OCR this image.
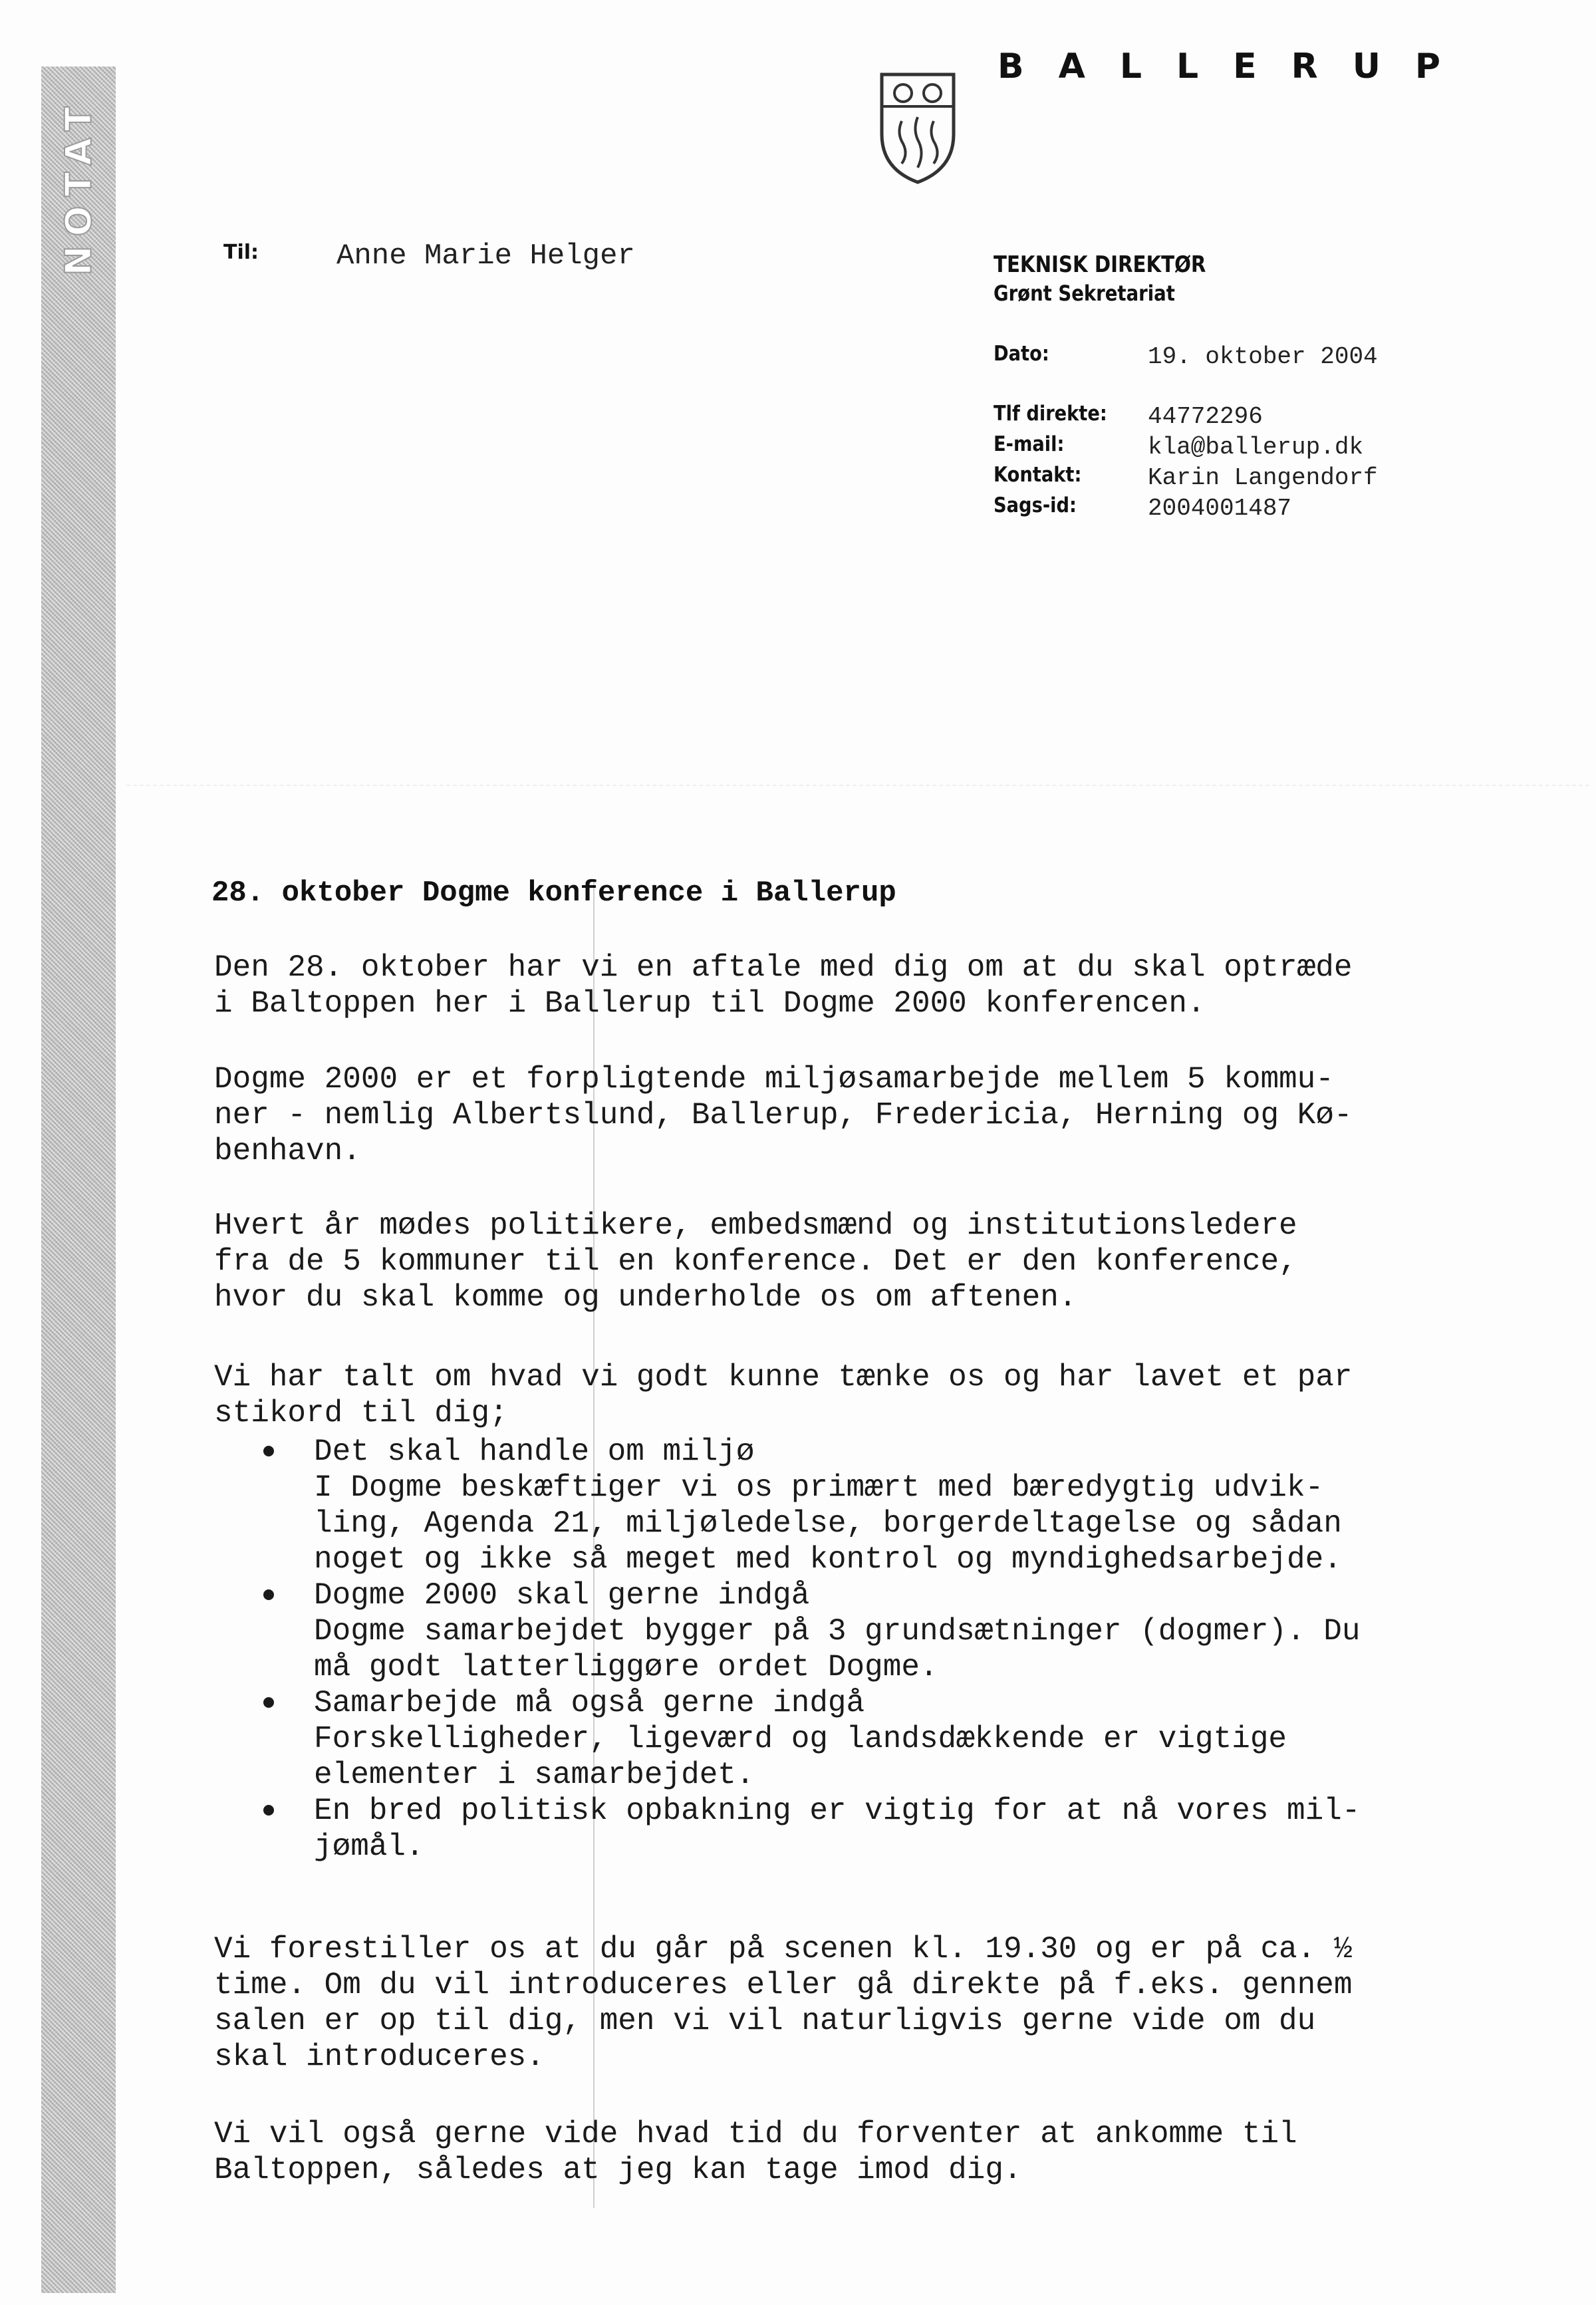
NOTAT
BALLERUP
Til:	Anne Marie Helger	TEKNISK DIREKTØR
Grønt Sekretariat
Dato:	19. oktober 2004
Tlf direkte: 44772296
E-mail:	kla@ballerup.dk
Kontakt:	Karin Langendorf
Sags-id:	2004001487
28. oktober Dogme konference i Ballerup

Den 28. oktober har vi en aftale med dig om at du skal optræde
i Baltoppen her i Ballerup til Dogme 2000 konferencen.

Dogme 2000 er et forpligtende miljøsamarbejde mellem 5 kommu-
ner - nemlig Albertslund, Ballerup, Fredericia, Herning og Kø-
benhavn.

Hvert år mødes politikere, embedsmænd og institutionsledere
fra de 5 kommuner til en konference. Det er den konference,
hvor du skal komme og underholde os om aftenen.

Vi har talt om hvad vi godt kunne tænke os og har lavet et par
stikord til dig;

Det skal handle om miljø
I Dogme beskæftiger vi os primært med bæredygtig udvik-
ling, Agenda 21, miljøledelse, borgerdeltagelse og sådan
noget og ikke så meget med kontrol og myndighedsarbejde.

Dogme 2000 skal gerne indgå
Dogme samarbejdet bygger på 3 grundsætninger (dogmer). Du
må godt latterliggøre ordet Dogme.

Samarbejde må også gerne indgå
Forskelligheder, ligeværd og landsdækkende er vigtige
elementer i samarbejdet.

En bred politisk opbakning er vigtig for at nå vores mil-
jømål.

Vi forestiller os at du går på scenen kl. 19.30 og er på ca. ½
time. Om du vil introduceres eller gå direkte på f.eks. gennem
salen er op til dig, men vi vil naturligvis gerne vide om du
skal introduceres.

Vi vil også gerne vide hvad tid du forventer at ankomme til
Baltoppen, således at jeg kan tage imod dig.
